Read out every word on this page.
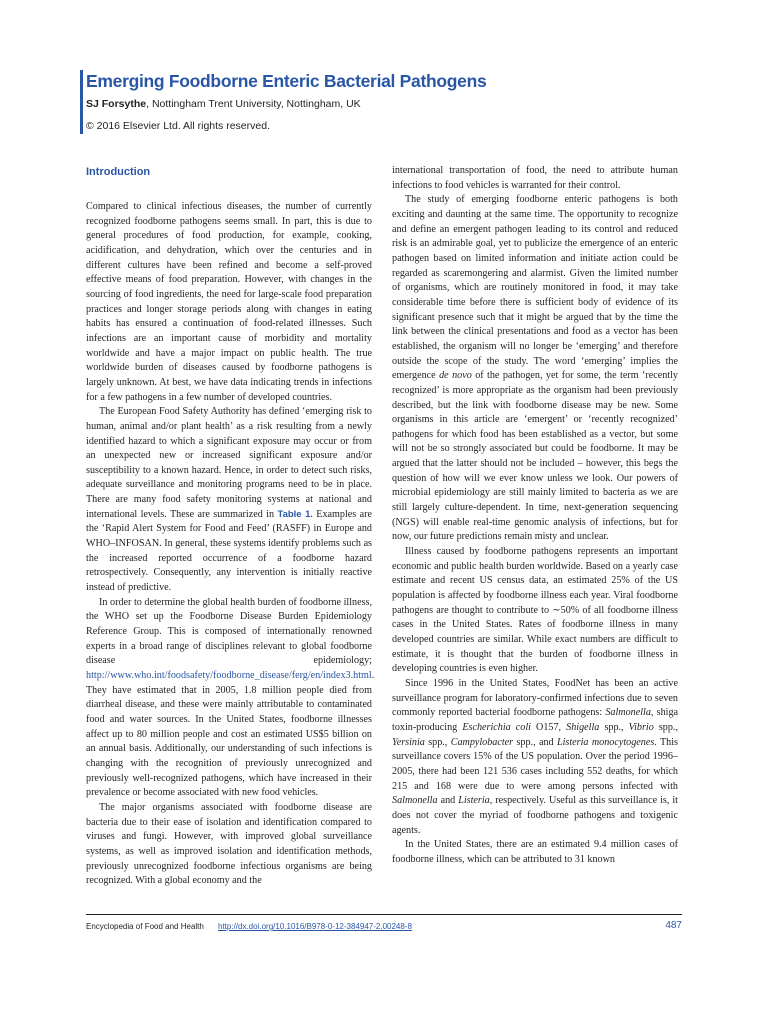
Emerging Foodborne Enteric Bacterial Pathogens
SJ Forsythe, Nottingham Trent University, Nottingham, UK
© 2016 Elsevier Ltd. All rights reserved.
Introduction

Compared to clinical infectious diseases, the number of currently recognized foodborne pathogens seems small. In part, this is due to general procedures of food production, for example, cooking, acidification, and dehydration, which over the centuries and in different cultures have been refined and become a self-proved effective means of food preparation. However, with changes in the sourcing of food ingredients, the need for large-scale food preparation practices and longer storage periods along with changes in eating habits has ensured a continuation of food-related illnesses. Such infections are an important cause of morbidity and mortality worldwide and have a major impact on public health. The true worldwide burden of diseases caused by foodborne pathogens is largely unknown. At best, we have data indicating trends in infections for a few pathogens in a few number of developed countries.

The European Food Safety Authority has defined ‘emerging risk to human, animal and/or plant health’ as a risk resulting from a newly identified hazard to which a significant exposure may occur or from an unexpected new or increased significant exposure and/or susceptibility to a known hazard. Hence, in order to detect such risks, adequate surveillance and monitoring programs need to be in place. There are many food safety monitoring systems at national and international levels. These are summarized in Table 1. Examples are the ‘Rapid Alert System for Food and Feed’ (RASFF) in Europe and WHO–INFOSAN. In general, these systems identify problems such as the increased reported occurrence of a foodborne hazard retrospectively. Consequently, any intervention is initially reactive instead of predictive.

In order to determine the global health burden of foodborne illness, the WHO set up the Foodborne Disease Burden Epidemiology Reference Group. This is composed of internationally renowned experts in a broad range of disciplines relevant to global foodborne disease epidemiology; http://www.who.int/foodsafety/foodborne_disease/ferg/en/index3.html. They have estimated that in 2005, 1.8 million people died from diarrheal disease, and these were mainly attributable to contaminated food and water sources. In the United States, foodborne illnesses affect up to 80 million people and cost an estimated US$5 billion on an annual basis. Additionally, our understanding of such infections is changing with the recognition of previously unrecognized and previously well-recognized pathogens, which have increased in their prevalence or become associated with new food vehicles.

The major organisms associated with foodborne disease are bacteria due to their ease of isolation and identification compared to viruses and fungi. However, with improved global surveillance systems, as well as improved isolation and identification methods, previously unrecognized foodborne infectious organisms are being recognized. With a global economy and the

international transportation of food, the need to attribute human infections to food vehicles is warranted for their control.

The study of emerging foodborne enteric pathogens is both exciting and daunting at the same time. The opportunity to recognize and define an emergent pathogen leading to its control and reduced risk is an admirable goal, yet to publicize the emergence of an enteric pathogen based on limited information and initiate action could be regarded as scaremongering and alarmist. Given the limited number of organisms, which are routinely monitored in food, it may take considerable time before there is sufficient body of evidence of its significant presence such that it might be argued that by the time the link between the clinical presentations and food as a vector has been established, the organism will no longer be ‘emerging’ and therefore outside the scope of the study. The word ‘emerging’ implies the emergence de novo of the pathogen, yet for some, the term ‘recently recognized’ is more appropriate as the organism had been previously described, but the link with foodborne disease may be new. Some organisms in this article are ‘emergent’ or ‘recently recognized’ pathogens for which food has been established as a vector, but some will not be so strongly associated but could be foodborne. It may be argued that the latter should not be included – however, this begs the question of how will we ever know unless we look. Our powers of microbial epidemiology are still mainly limited to bacteria as we are still largely culture-dependent. In time, next-generation sequencing (NGS) will enable real-time genomic analysis of infections, but for now, our future predictions remain misty and unclear.

Illness caused by foodborne pathogens represents an important economic and public health burden worldwide. Based on a yearly case estimate and recent US census data, an estimated 25% of the US population is affected by foodborne illness each year. Viral foodborne pathogens are thought to contribute to ∼50% of all foodborne illness cases in the United States. Rates of foodborne illness in many developed countries are similar. While exact numbers are difficult to estimate, it is thought that the burden of foodborne illness in developing countries is even higher.

Since 1996 in the United States, FoodNet has been an active surveillance program for laboratory-confirmed infections due to seven commonly reported bacterial foodborne pathogens: Salmonella, shiga toxin-producing Escherichia coli O157, Shigella spp., Vibrio spp., Yersinia spp., Campylobacter spp., and Listeria monocytogenes. This surveillance covers 15% of the US population. Over the period 1996–2005, there had been 121 536 cases including 552 deaths, for which 215 and 168 were due to were among persons infected with Salmonella and Listeria, respectively. Useful as this surveillance is, it does not cover the myriad of foodborne pathogens and toxigenic agents.

In the United States, there are an estimated 9.4 million cases of foodborne illness, which can be attributed to 31 known

Encyclopedia of Food and Health http://dx.doi.org/10.1016/B978-0-12-384947-2.00248-8	487
